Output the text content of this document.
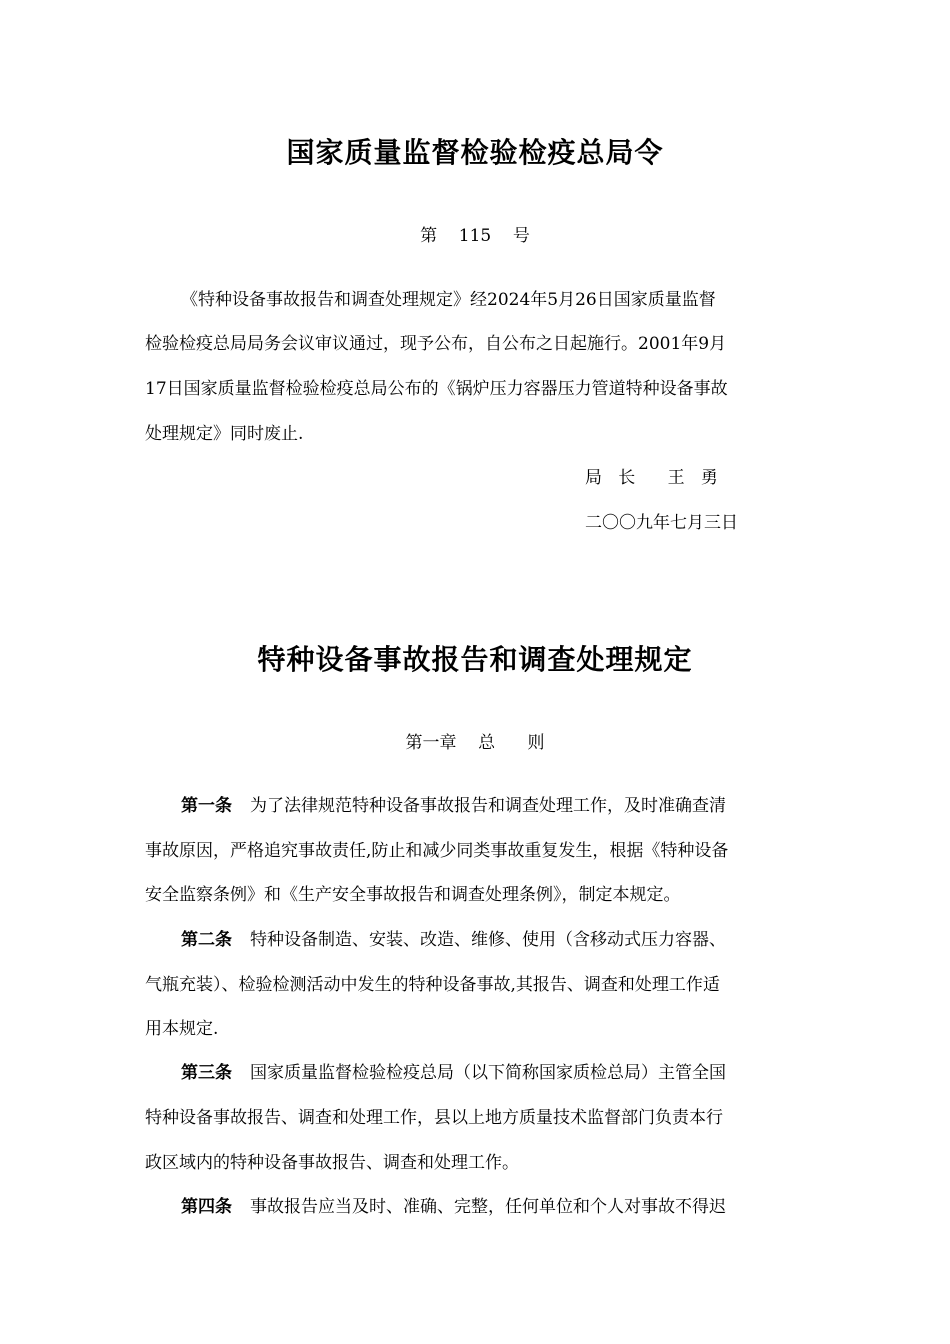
国家质量监督检验检疫总局令
第    115    号
《特种设备事故报告和调查处理规定》经2024年5月26日国家质量监督
检验检疫总局局务会议审议通过，现予公布，自公布之日起施行。2001年9月
17日国家质量监督检验检疫总局公布的《锅炉压力容器压力管道特种设备事故
处理规定》同时废止.
局   长      王   勇
二〇〇九年七月三日
特种设备事故报告和调查处理规定
第一章    总      则
第一条 为了法律规范特种设备事故报告和调查处理工作，及时准确查清
事故原因，严格追究事故责任,防止和减少同类事故重复发生，根据《特种设备
安全监察条例》和《生产安全事故报告和调查处理条例》，制定本规定。
第二条 特种设备制造、安装、改造、维修、使用（含移动式压力容器、
气瓶充装）、检验检测活动中发生的特种设备事故,其报告、调查和处理工作适
用本规定.
第三条 国家质量监督检验检疫总局（以下简称国家质检总局）主管全国
特种设备事故报告、调查和处理工作，县以上地方质量技术监督部门负责本行
政区域内的特种设备事故报告、调查和处理工作。
第四条 事故报告应当及时、准确、完整，任何单位和个人对事故不得迟
